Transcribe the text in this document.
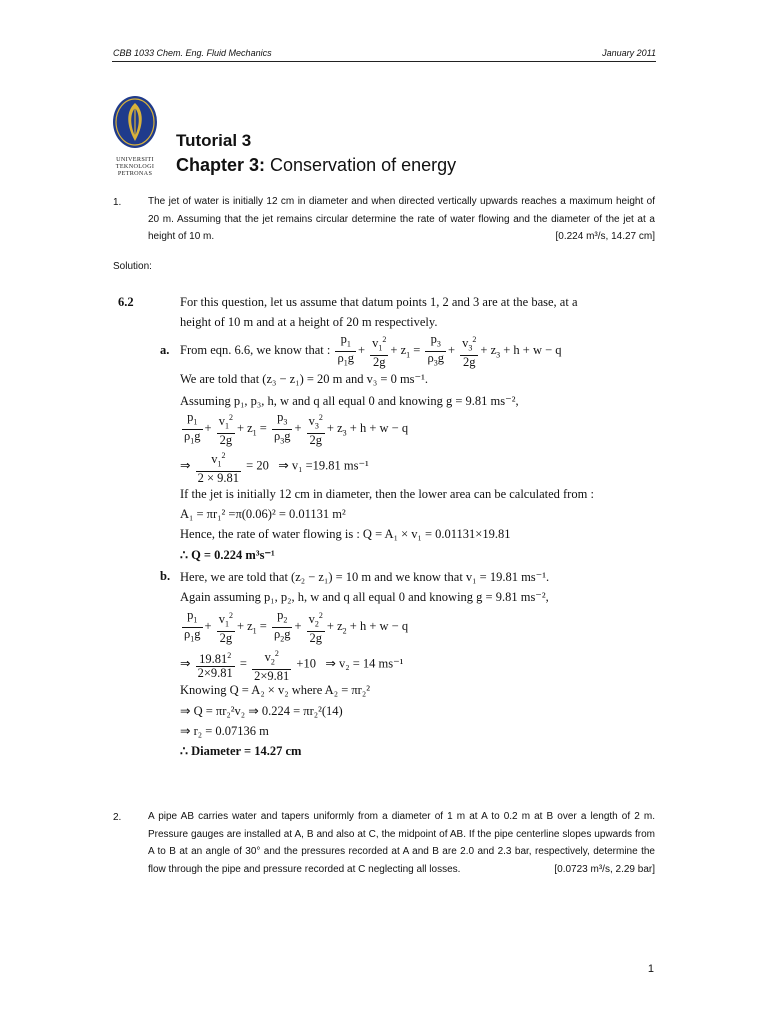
CBB 1033 Chem. Eng. Fluid Mechanics	January 2011
UNIVERSITI
TEKNOLOGI
PETRONAS
Tutorial 3
Chapter 3: Conservation of energy
1.	The jet of water is initially 12 cm in diameter and when directed vertically upwards reaches a maximum height of 20 m. Assuming that the jet remains circular determine the rate of water flowing and the diameter of the jet at a height of 10 m.	[0.224 m³/s, 14.27 cm]
Solution:
6.2	For this question, let us assume that datum points 1, 2 and 3 are at the base, at a
height of 10 m and at a height of 20 m respectively.
a. From eqn. 6.6, we know that : $\frac{p_1}{\rho_1g} + \frac{v_1^2}{2g} + z_1 = \frac{p_3}{\rho_3g} + \frac{v_3^2}{2g} + z_3 + h + w - q$
We are told that (z₃ − z₁) = 20 m and v₃ = 0 ms⁻¹.
Assuming p₁, p₃, h, w and q all equal 0 and knowing g = 9.81 ms⁻²,
$\frac{p_1}{\rho_1g} + \frac{v_1^2}{2g} + z_1 = \frac{p_3}{\rho_3g} + \frac{v_3^2}{2g} + z_3 + h + w - q$
⇒ $\frac{v_1^2}{2 \times 9.81} = 20$   ⇒ v₁ =19.81 ms⁻¹
If the jet is initially 12 cm in diameter, then the lower area can be calculated from :
A₁ = πr₁² =π(0.06)² = 0.01131 m²
Hence, the rate of water flowing is : Q = A₁ × v₁ = 0.01131×19.81
∴ Q = 0.224 m³s⁻¹
b. Here, we are told that (z₂ − z₁) = 10 m and we know that v₁ = 19.81 ms⁻¹.
Again assuming p₁, p₂, h, w and q all equal 0 and knowing g = 9.81 ms⁻²,
$\frac{p_1}{\rho_1g} + \frac{v_1^2}{2g} + z_1 = \frac{p_2}{\rho_2g} + \frac{v_2^2}{2g} + z_2 + h + w - q$
⇒ $\frac{19.81^2}{2\times 9.81} = \frac{v_2^2}{2\times 9.81} +10$   ⇒ v₂ = 14 ms⁻¹
Knowing Q = A₂ × v₂ where A₂ = πr₂²
⇒ Q = πr₂²v₂ ⇒ 0.224 = πr₂²(14)
⇒ r₂ = 0.07136 m
∴ Diameter = 14.27 cm
2.	A pipe AB carries water and tapers uniformly from a diameter of 1 m at A to 0.2 m at B over a length of 2 m. Pressure gauges are installed at A, B and also at C, the midpoint of AB. If the pipe centerline slopes upwards from A to B at an angle of 30° and the pressures recorded at A and B are 2.0 and 2.3 bar, respectively, determine the flow through the pipe and pressure recorded at C neglecting all losses.	[0.0723 m³/s, 2.29 bar]
1
